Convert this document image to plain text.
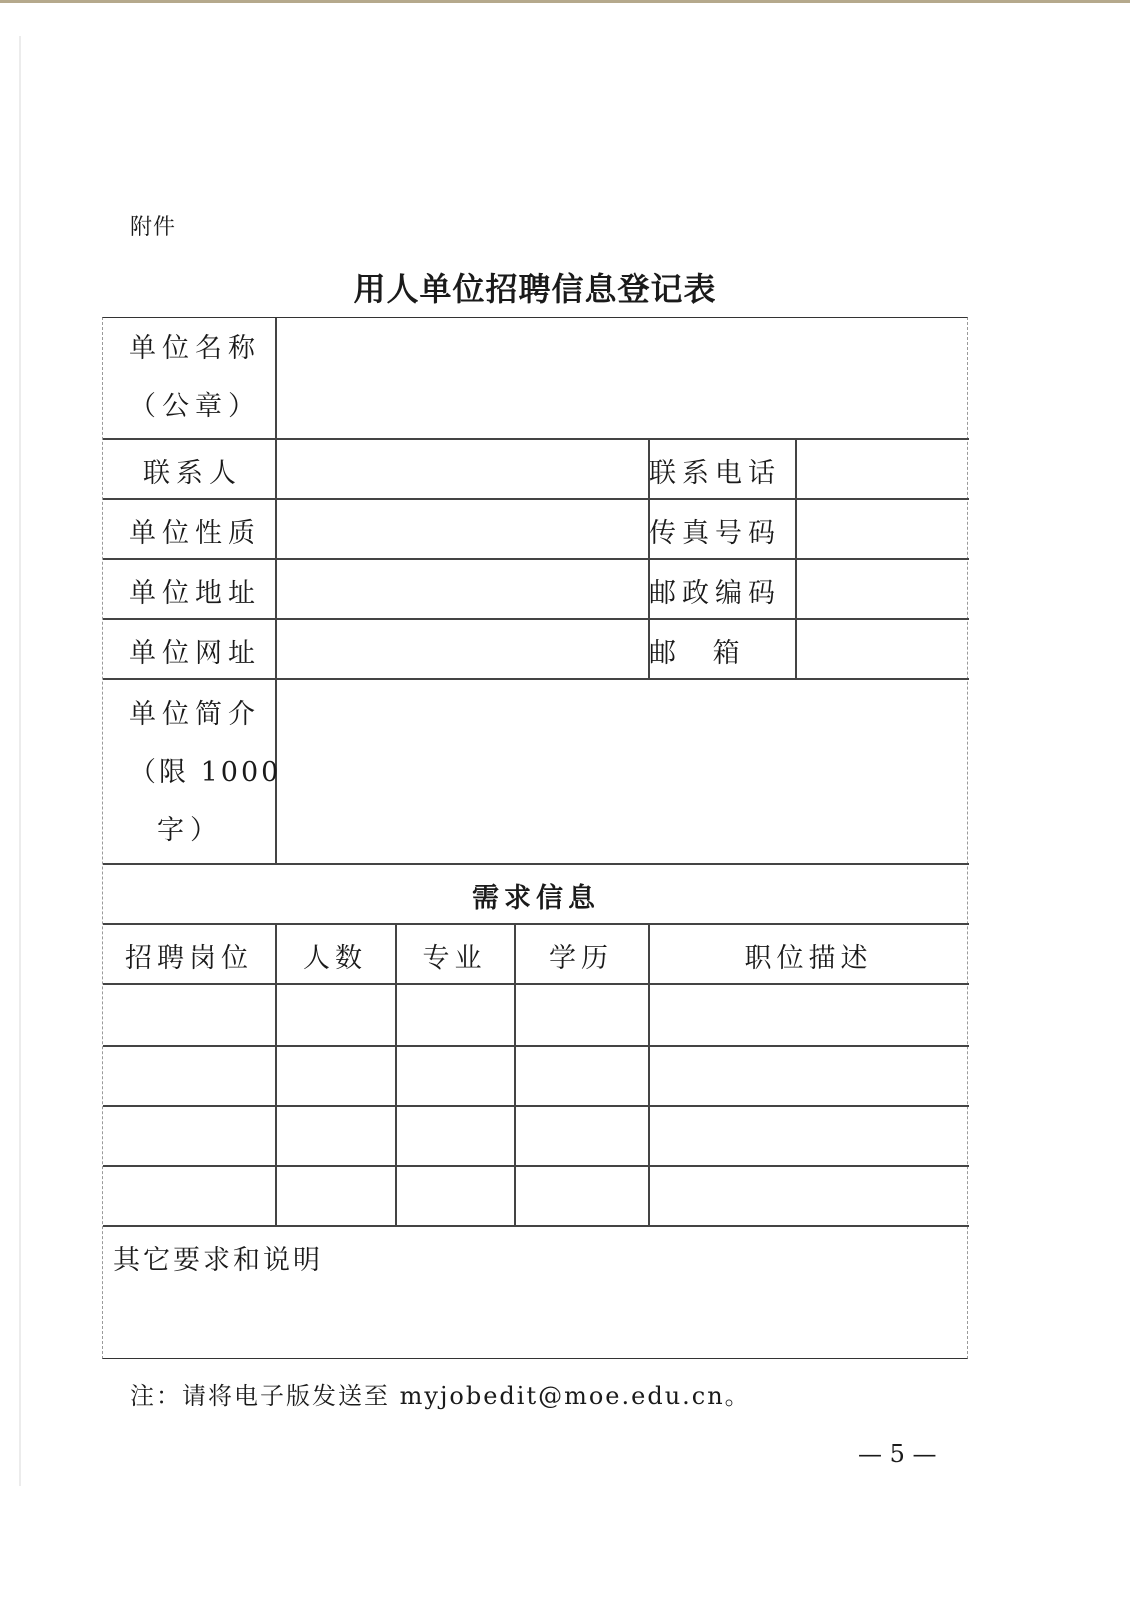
附件
用人单位招聘信息登记表
单位名称
（公章）
联系人	联系电话
单位性质	传真号码
单位地址	邮政编码
单位网址	邮 箱
单位简介
（限 1000
字）
需求信息
招聘岗位	人数	专业	学历	职位描述
其它要求和说明
注：请将电子版发送至 myjobedit@moe.edu.cn。
— 5 —
